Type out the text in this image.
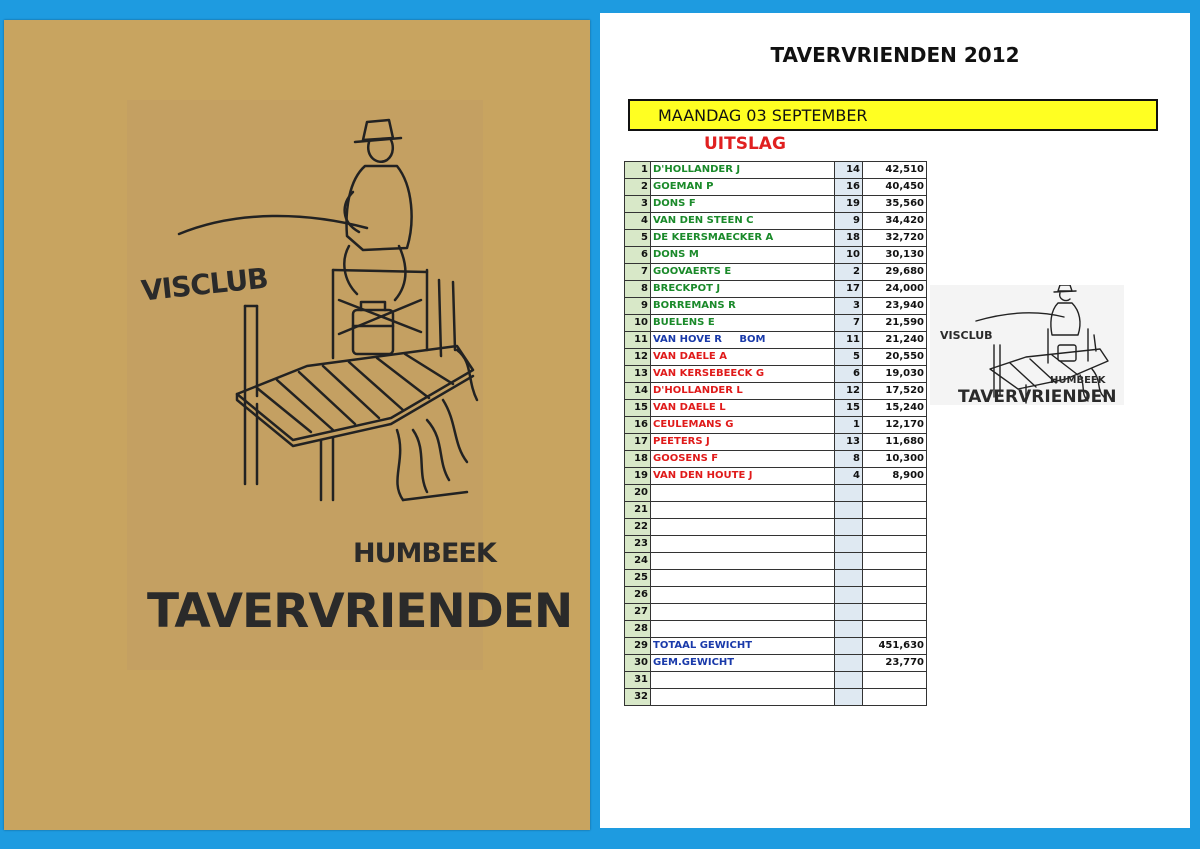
VISCLUB
HUMBEEK
TAVERVRIENDEN
TAVERVRIENDEN 2012
MAANDAG 03 SEPTEMBER
UITSLAG
1	D'HOLLANDER J	14	42,510
2	GOEMAN P	16	40,450
3	DONS F	19	35,560
4	VAN DEN STEEN C	9	34,420
5	DE KEERSMAECKER A	18	32,720
6	DONS M	10	30,130
7	GOOVAERTS E	2	29,680
8	BRECKPOT J	17	24,000
9	BORREMANS R	3	23,940
10	BUELENS E	7	21,590
11	VAN HOVE R     BOM	11	21,240
12	VAN DAELE A	5	20,550
13	VAN KERSEBEECK G	6	19,030
14	D'HOLLANDER L	12	17,520
15	VAN DAELE L	15	15,240
16	CEULEMANS G	1	12,170
17	PEETERS J	13	11,680
18	GOOSENS F	8	10,300
19	VAN DEN HOUTE J	4	8,900
20			
21			
22			
23			
24			
25			
26			
27			
28			
29	TOTAAL GEWICHT		451,630
30	GEM.GEWICHT		23,770
31			
32			
VISCLUB
HUMBEEK
TAVERVRIENDEN
